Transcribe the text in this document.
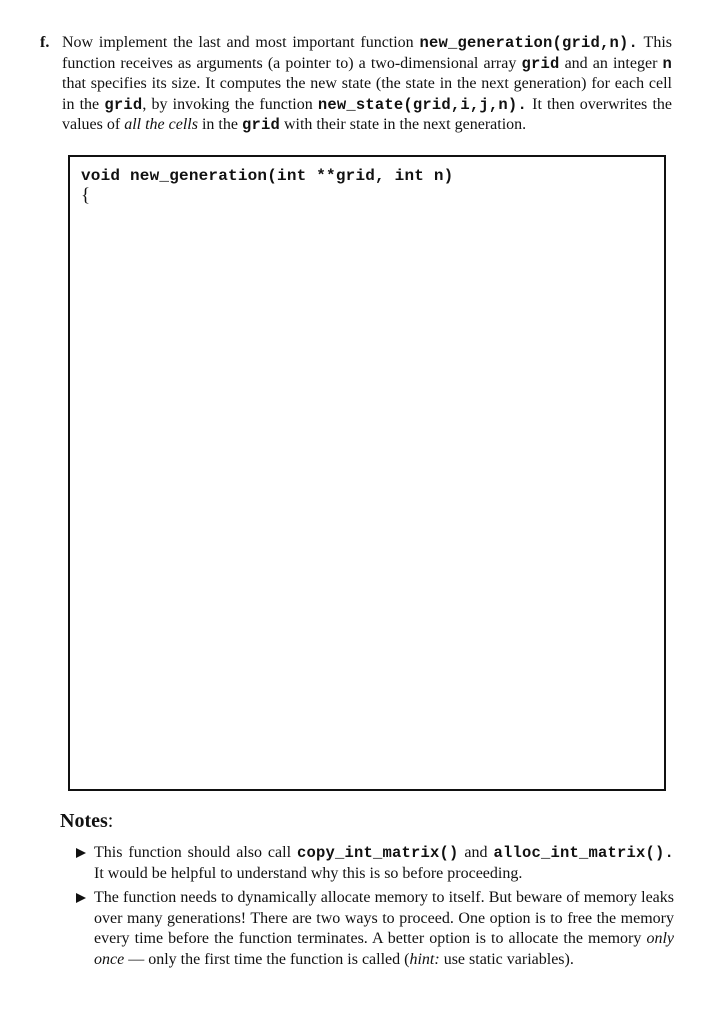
f. Now implement the last and most important function new_generation(grid,n). This function receives as arguments (a pointer to) a two-dimensional array grid and an integer n that specifies its size. It computes the new state (the state in the next generation) for each cell in the grid, by invoking the function new_state(grid,i,j,n). It then overwrites the values of all the cells in the grid with their state in the next generation.
void new_generation(int **grid, int n)
{
Notes:
This function should also call copy_int_matrix() and alloc_int_matrix(). It would be helpful to understand why this is so before proceeding.
The function needs to dynamically allocate memory to itself. But beware of memory leaks over many generations! There are two ways to proceed. One option is to free the memory every time before the function terminates. A better option is to allocate the memory only once — only the first time the function is called (hint: use static variables).
